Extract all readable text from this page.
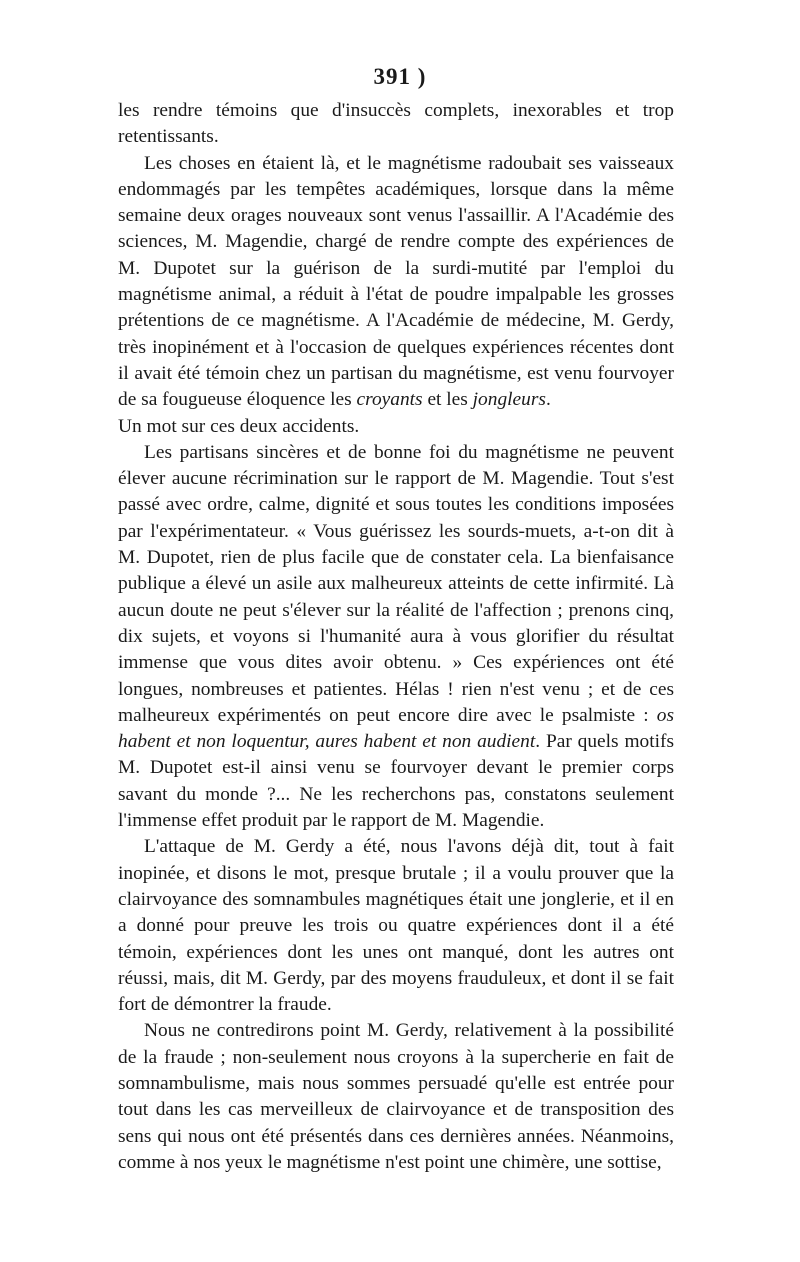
391 )

les rendre témoins que d'insuccès complets, inexorables et trop retentissants.

Les choses en étaient là, et le magnétisme radoubait ses vaisseaux endommagés par les tempêtes académiques, lorsque dans la même semaine deux orages nouveaux sont venus l'assaillir. A l'Académie des sciences, M. Magendie, chargé de rendre compte des expériences de M. Dupotet sur la guérison de la surdi-mutité par l'emploi du magnétisme animal, a réduit à l'état de poudre impalpable les grosses prétentions de ce magnétisme. A l'Académie de médecine, M. Gerdy, très inopinément et à l'occasion de quelques expériences récentes dont il avait été témoin chez un partisan du magnétisme, est venu fourvoyer de sa fougueuse éloquence les croyants et les jongleurs.

Un mot sur ces deux accidents.

Les partisans sincères et de bonne foi du magnétisme ne peuvent élever aucune récrimination sur le rapport de M. Magendie. Tout s'est passé avec ordre, calme, dignité et sous toutes les conditions imposées par l'expérimentateur. « Vous guérissez les sourds-muets, a-t-on dit à M. Dupotet, rien de plus facile que de constater cela. La bienfaisance publique a élevé un asile aux malheureux atteints de cette infirmité. Là aucun doute ne peut s'élever sur la réalité de l'affection ; prenons cinq, dix sujets, et voyons si l'humanité aura à vous glorifier du résultat immense que vous dites avoir obtenu. » Ces expériences ont été longues, nombreuses et patientes. Hélas ! rien n'est venu ; et de ces malheureux expérimentés on peut encore dire avec le psalmiste : os habent et non loquentur, aures habent et non audient. Par quels motifs M. Dupotet est-il ainsi venu se fourvoyer devant le premier corps savant du monde ?... Ne les recherchons pas, constatons seulement l'immense effet produit par le rapport de M. Magendie.

L'attaque de M. Gerdy a été, nous l'avons déjà dit, tout à fait inopinée, et disons le mot, presque brutale ; il a voulu prouver que la clairvoyance des somnambules magnétiques était une jonglerie, et il en a donné pour preuve les trois ou quatre expériences dont il a été témoin, expériences dont les unes ont manqué, dont les autres ont réussi, mais, dit M. Gerdy, par des moyens frauduleux, et dont il se fait fort de démontrer la fraude.

Nous ne contredirons point M. Gerdy, relativement à la possibilité de la fraude ; non-seulement nous croyons à la supercherie en fait de somnambulisme, mais nous sommes persuadé qu'elle est entrée pour tout dans les cas merveilleux de clairvoyance et de transposition des sens qui nous ont été présentés dans ces dernières années. Néanmoins, comme à nos yeux le magnétisme n'est point une chimère, une sottise,
